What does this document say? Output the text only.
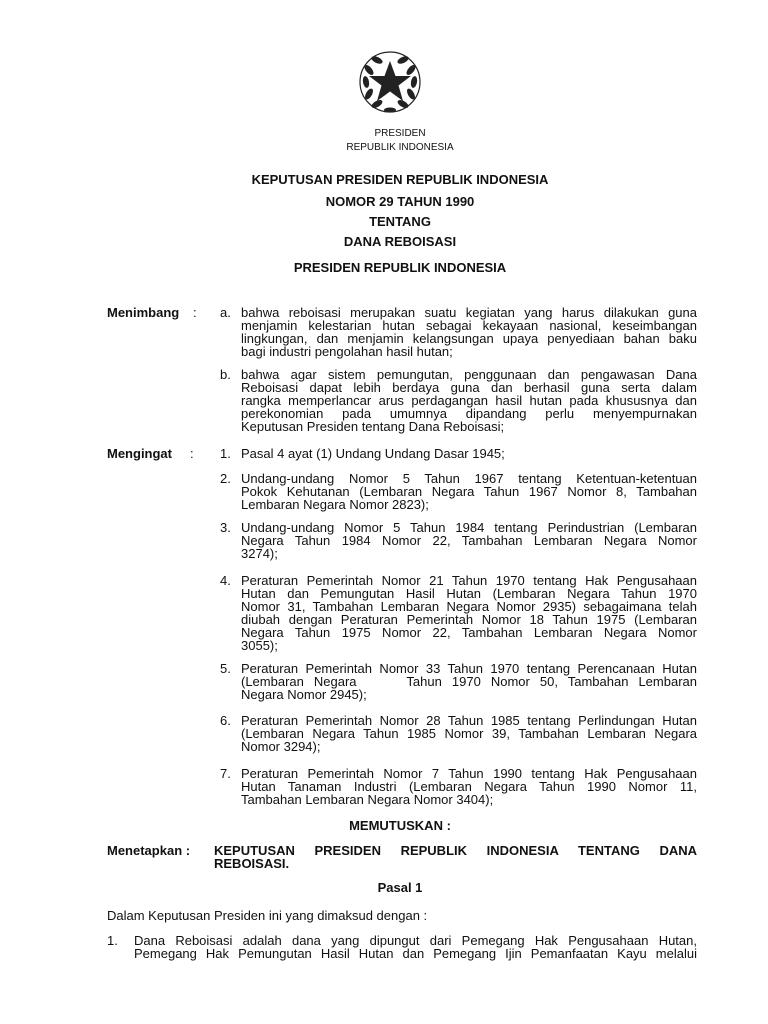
PRESIDEN
REPUBLIK INDONESIA
KEPUTUSAN PRESIDEN REPUBLIK INDONESIA
NOMOR 29 TAHUN 1990
TENTANG
DANA REBOISASI
PRESIDEN REPUBLIK INDONESIA
Menimbang : a. bahwa reboisasi merupakan suatu kegiatan yang harus dilakukan guna
menjamin kelestarian hutan sebagai kekayaan nasional, keseimbangan
lingkungan, dan menjamin kelangsungan upaya penyediaan bahan baku
bagi industri pengolahan hasil hutan;
b. bahwa agar sistem pemungutan, penggunaan dan pengawasan Dana
Reboisasi dapat lebih berdaya guna dan berhasil guna serta dalam
rangka memperlancar arus perdagangan hasil hutan pada khususnya dan
perekonomian pada umumnya dipandang perlu menyempurnakan
Keputusan Presiden tentang Dana Reboisasi;
Mengingat : 1. Pasal 4 ayat (1) Undang Undang Dasar 1945;
2. Undang-undang Nomor 5 Tahun 1967 tentang Ketentuan-ketentuan
Pokok Kehutanan (Lembaran Negara Tahun 1967 Nomor 8, Tambahan
Lembaran Negara Nomor 2823);
3. Undang-undang Nomor 5 Tahun 1984 tentang Perindustrian (Lembaran
Negara Tahun 1984 Nomor 22, Tambahan Lembaran Negara Nomor
3274);
4. Peraturan Pemerintah Nomor 21 Tahun 1970 tentang Hak Pengusahaan
Hutan dan Pemungutan Hasil Hutan (Lembaran Negara Tahun 1970
Nomor 31, Tambahan Lembaran Negara Nomor 2935) sebagaimana telah
diubah dengan Peraturan Pemerintah Nomor 18 Tahun 1975 (Lembaran
Negara Tahun 1975 Nomor 22, Tambahan Lembaran Negara Nomor
3055);
5. Peraturan Pemerintah Nomor 33 Tahun 1970 tentang Perencanaan Hutan
(Lembaran Negara     Tahun 1970 Nomor 50, Tambahan Lembaran
Negara Nomor 2945);
6. Peraturan Pemerintah Nomor 28 Tahun 1985 tentang Perlindungan Hutan
(Lembaran Negara Tahun 1985 Nomor 39, Tambahan Lembaran Negara
Nomor 3294);
7. Peraturan Pemerintah Nomor 7 Tahun 1990 tentang Hak Pengusahaan
Hutan Tanaman Industri (Lembaran Negara Tahun 1990 Nomor 11,
Tambahan Lembaran Negara Nomor 3404);
MEMUTUSKAN :
Menetapkan : KEPUTUSAN PRESIDEN REPUBLIK INDONESIA TENTANG DANA
REBOISASI.
Pasal 1
Dalam Keputusan Presiden ini yang dimaksud dengan :
1. Dana Reboisasi adalah dana yang dipungut dari Pemegang Hak Pengusahaan Hutan,
Pemegang Hak Pemungutan Hasil Hutan dan Pemegang Ijin Pemanfaatan Kayu melalui
